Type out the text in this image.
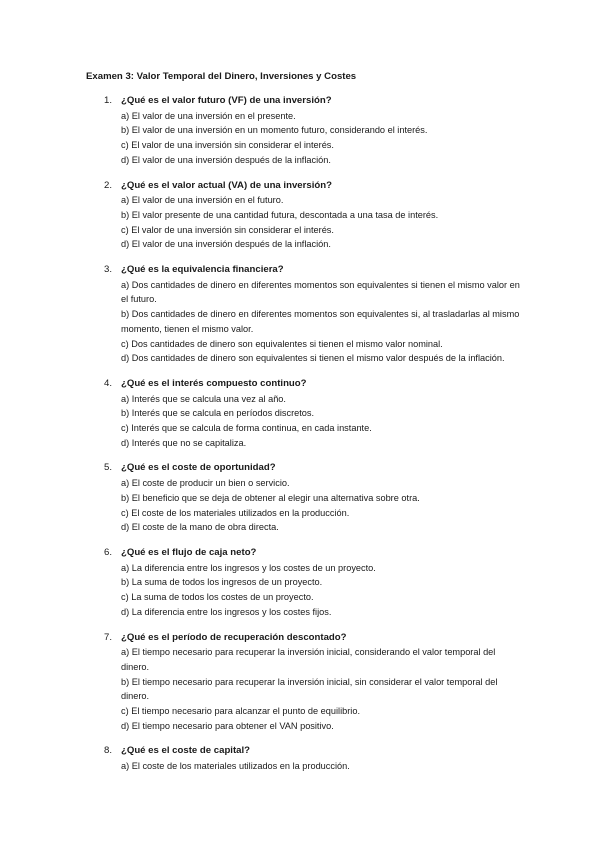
Examen 3: Valor Temporal del Dinero, Inversiones y Costes
1. ¿Qué es el valor futuro (VF) de una inversión?
a) El valor de una inversión en el presente.
b) El valor de una inversión en un momento futuro, considerando el interés.
c) El valor de una inversión sin considerar el interés.
d) El valor de una inversión después de la inflación.
2. ¿Qué es el valor actual (VA) de una inversión?
a) El valor de una inversión en el futuro.
b) El valor presente de una cantidad futura, descontada a una tasa de interés.
c) El valor de una inversión sin considerar el interés.
d) El valor de una inversión después de la inflación.
3. ¿Qué es la equivalencia financiera?
a) Dos cantidades de dinero en diferentes momentos son equivalentes si tienen el mismo valor en el futuro.
b) Dos cantidades de dinero en diferentes momentos son equivalentes si, al trasladarlas al mismo momento, tienen el mismo valor.
c) Dos cantidades de dinero son equivalentes si tienen el mismo valor nominal.
d) Dos cantidades de dinero son equivalentes si tienen el mismo valor después de la inflación.
4. ¿Qué es el interés compuesto continuo?
a) Interés que se calcula una vez al año.
b) Interés que se calcula en períodos discretos.
c) Interés que se calcula de forma continua, en cada instante.
d) Interés que no se capitaliza.
5. ¿Qué es el coste de oportunidad?
a) El coste de producir un bien o servicio.
b) El beneficio que se deja de obtener al elegir una alternativa sobre otra.
c) El coste de los materiales utilizados en la producción.
d) El coste de la mano de obra directa.
6. ¿Qué es el flujo de caja neto?
a) La diferencia entre los ingresos y los costes de un proyecto.
b) La suma de todos los ingresos de un proyecto.
c) La suma de todos los costes de un proyecto.
d) La diferencia entre los ingresos y los costes fijos.
7. ¿Qué es el período de recuperación descontado?
a) El tiempo necesario para recuperar la inversión inicial, considerando el valor temporal del dinero.
b) El tiempo necesario para recuperar la inversión inicial, sin considerar el valor temporal del dinero.
c) El tiempo necesario para alcanzar el punto de equilibrio.
d) El tiempo necesario para obtener el VAN positivo.
8. ¿Qué es el coste de capital?
a) El coste de los materiales utilizados en la producción.
